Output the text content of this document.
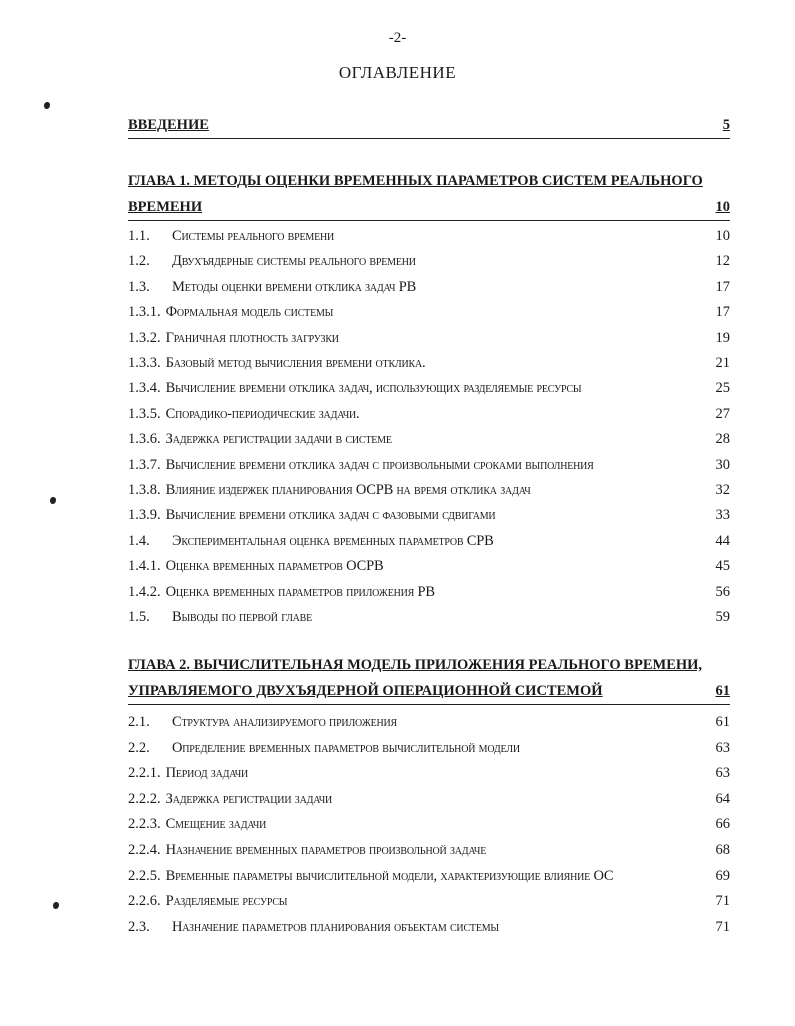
-2-
ОГЛАВЛЕНИЕ
ВВЕДЕНИЕ	5
ГЛАВА 1. МЕТОДЫ ОЦЕНКИ ВРЕМЕННЫХ ПАРАМЕТРОВ СИСТЕМ РЕАЛЬНОГО
ВРЕМЕНИ	10
1.1.	Системы реального времени	10
1.2.	Двухъядерные системы реального времени	12
1.3.	Методы оценки времени отклика задач РВ	17
1.3.1. Формальная модель системы	17
1.3.2. Граничная плотность загрузки	19
1.3.3. Базовый метод вычисления времени отклика.	21
1.3.4. Вычисление времени отклика задач, использующих разделяемые ресурсы	25
1.3.5. Спорадико-периодические задачи.	27
1.3.6. Задержка регистрации задачи в системе	28
1.3.7. Вычисление времени отклика задач с произвольными сроками выполнения	30
1.3.8. Влияние издержек планирования ОСРВ на время отклика задач	32
1.3.9. Вычисление времени отклика задач с фазовыми сдвигами	33
1.4.	Экспериментальная оценка временных параметров СРВ	44
1.4.1. Оценка временных параметров ОСРВ	45
1.4.2. Оценка временных параметров приложения РВ	56
1.5.	Выводы по первой главе	59
ГЛАВА 2. ВЫЧИСЛИТЕЛЬНАЯ МОДЕЛЬ ПРИЛОЖЕНИЯ РЕАЛЬНОГО ВРЕМЕНИ,
УПРАВЛЯЕМОГО ДВУХЪЯДЕРНОЙ ОПЕРАЦИОННОЙ СИСТЕМОЙ	61
2.1.	Структура анализируемого приложения	61
2.2.	Определение временных параметров вычислительной модели	63
2.2.1. Период задачи	63
2.2.2. Задержка регистрации задачи	64
2.2.3. Смещение задачи	66
2.2.4. Назначение временных параметров произвольной задаче	68
2.2.5. Временные параметры вычислительной модели, характеризующие влияние ОС	69
2.2.6. Разделяемые ресурсы	71
2.3.	Назначение параметров планирования объектам системы	71
